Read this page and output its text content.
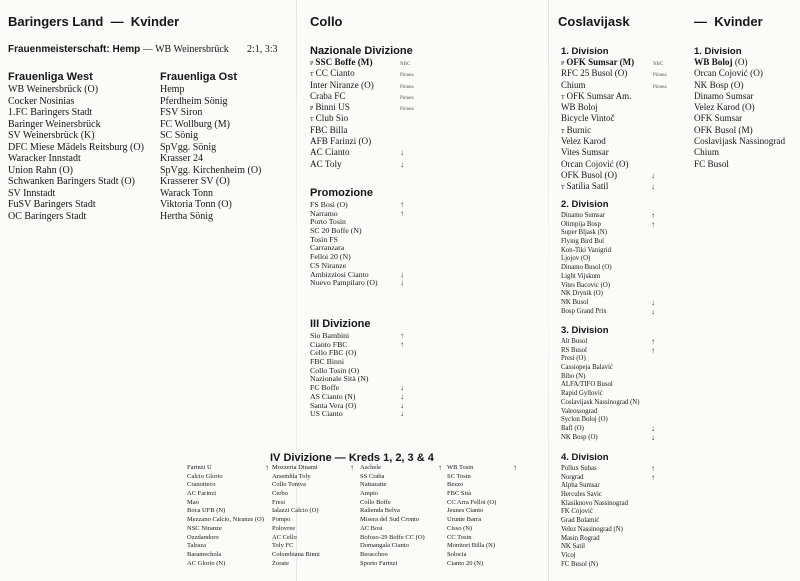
Baringers Land  —  Kvinder	Collo	Coslavijask	—  Kvinder
Frauenmeisterschaft: Hemp — WB Weinersbrück 2:1, 3:3
Frauenliga West
WB Weinersbrück (O)
Cocker Nosinias
1.FC Baringers Stadt
Baringer Weinersbrück
SV Weinersbrück (K)
DFC Miese Mädels Reitsburg (O)
Waracker Innstadt
Union Rahn (O)
Schwanken Baringers Stadt (O)
SV Innstadt
FuSV Baringers Stadt
OC Baringers Stadt
Frauenliga Ost
Hemp
Pferdheim Sönig
FSV Siron
FC Wollburg (M)
SC Sönig
SpVgg. Sönig
Krasser 24
SpVgg. Kirchenheim (O)
Krasserer SV (O)
Warack Tonn
Viktoria Tonn (O)
Hertha Sönig
Nazionale Divizione
P SSC Boffe (M)	NBC
T CC Cianto	Pinnea
Inter Niranze (O)	Pinnea
Craba FC	Pinnea
P Binni US	Pinnea
T Club Sio
FBC Billa
AFB Farinzi (O)
AC Cianto	↓
AC Toly	↓
Promozione
FS Bosi (O)	↑
Narramo	↑
Porto Tosin
SC 20 Boffe (N)
Tosin FS
Carranzara
Felloi 20 (N)
CS Niranze
Ambizziosi Cianto	↓
Nuevo Pampilaro (O)	↓
III Divizione
Sio Bambini	↑
Cianto FBC	↑
Cello FBC (O)
FBC Binni
Collo Tosin (O)
Nazionale Sità (N)
FC Boffe	↓
AS Cianto (N)	↓
Santa Vera (O)	↓
US Cianto	↓
IV Divizione — Kreds 1, 2, 3 & 4
Farinzi U	↑
Calcio Glorio
Cranotteco
AC Farinzi
Mao
Boca UFB (N)
Mezzano Calcio, Niranze (O)
NSC Niranze
Ozzdandoro
Talraza
Baramechola
AC Glorio (N)
Mozzeria Dinami	↑
Arsemhla Toly
Collo Toniva
Cerbo
Fresi
Ialazzi Calcio (O)
Pompo
Polovree
AC Cello
Toly FC
Colombiana Binni
Zorate
Aschele	↑
SS Craba
Nattazatte
Ampio
Collo Boffe
Ralienda Belva
Misera del Sud Cronto
AC Bosi
Bofoso-29 Boffe CC (O)
Domangala Cianto
Beracchoo
Sporto Farinzi
WB Tosin	↑
SC Tosin
Bezzo
FBC Sità
CC Arra Felloi (O)
Jeunes Cianto
Urunte Barra
Cisso (N)
CC Tosin
Monitori Billa (N)
Solocia
Cianto 20 (N)
1. Division
P OFK Sumsar (M)	NBC
RFC 25 Busol (O)	Pinnea
Chium	Pinnea
T OFK Sumsar Am.
WB Boloj
Bicycle Vintoč
T Burnic
Velez Karod
Vites Sumsar
Orcan Cojović (O)
OFK Busol (O)	↓
T Satilia Satil	↓
2. Division
Dinamo Sumsar	↑
Olimpija Bosp	↑
Super Bljask (N)
Flying Bird Bul
Kon-Tiki Vanigrid
Ljojov (O)
Dinamo Busol (O)
Light Vijskum
Vites Bacovic (O)
NK Drynik (O)
NK Busol	↓
Bosp Grand Prix	↓
3. Division
Alt Busol	↑
RS Busol	↑
Presi (O)
Cassiopeja Balavić
Bibo (N)
ALFA/TIFO Busol
Rapid Gyllović
Coslavijask Nassinograd (N)
Valeossograd
Syclon Boloj (O)
Bafl (O)	↓
NK Bosp (O)	↓
4. Division
Pollux Subas	↑
Norgrad	↑
Alpha Sumsar
Hercules Savic
Klasiknovo Nassinograd
FK Cojović
Grad Bolamić
Velez Nassinograd (N)
Masin Rograd
NK Satil
Vicoj
FC Busol (N)
1. Division
WB Boloj (O)
Orcan Cojović (O)
NK Bosp (O)
Dinamo Sumsar
Velez Karod (O)
OFK Sumsar
OFK Busol (M)
Coslavijask Nassinograd
Chium
FC Busol
